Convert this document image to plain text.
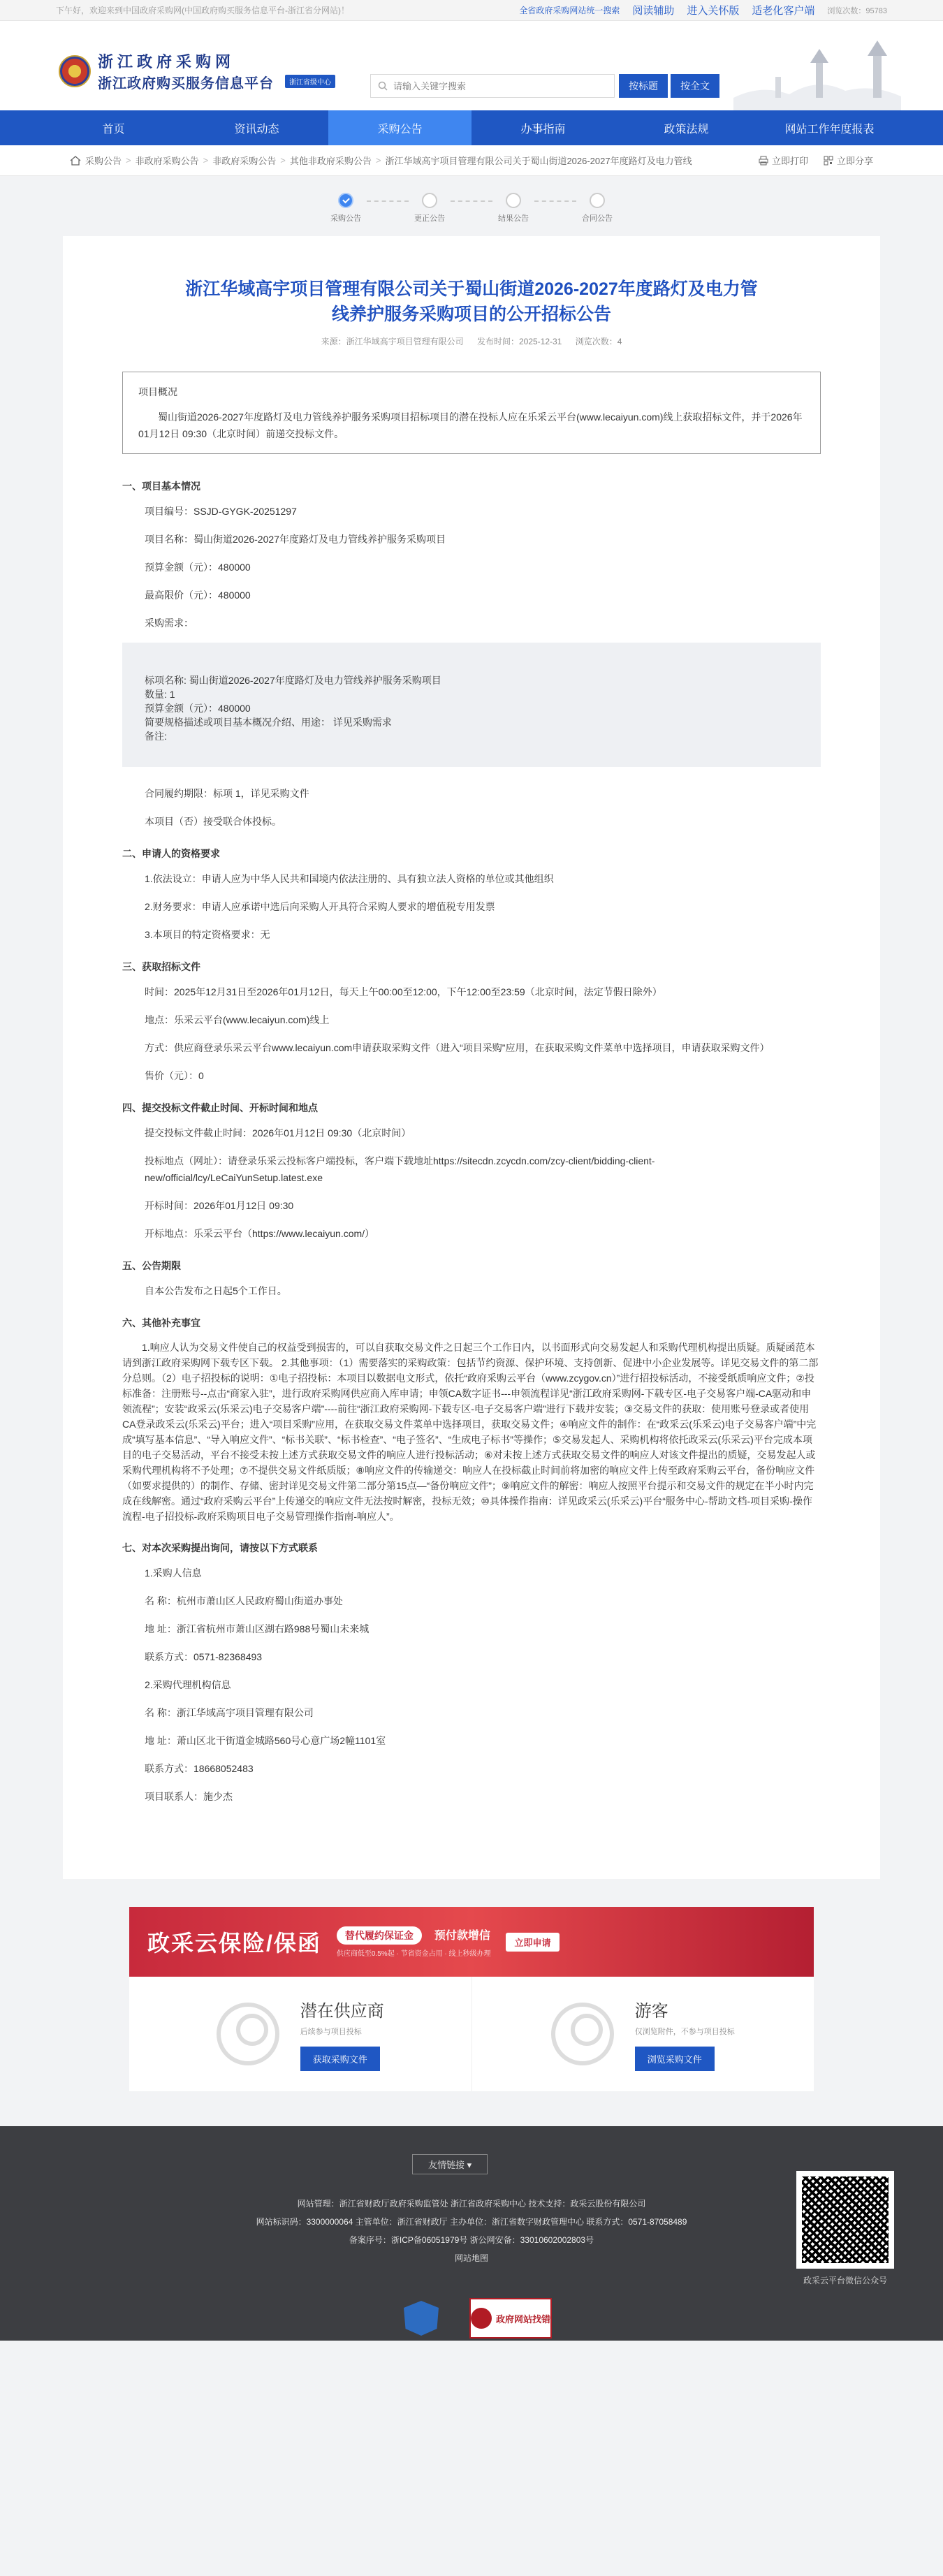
下午好，欢迎来到中国政府采购网(中国政府购买服务信息平台-浙江省分网站)！	全省政府采购网站统一搜索 阅读辅助 进入关怀版 适老化客户端 浏览次数：95783
浙江政府采购网
浙江政府购买服务信息平台	浙江省级中心
请输入关键字搜索	按标题	按全文
首页	资讯动态	采购公告	办事指南	政策法规	网站工作年度报表
采购公告 > 非政府采购公告 > 非政府采购公告 > 其他非政府采购公告 > 浙江华域高宇项目管理有限公司关于蜀山街道2026-2027年度路灯及电力管线	立即打印	立即分享
采购公告	更正公告	结果公告	合同公告
浙江华域高宇项目管理有限公司关于蜀山街道2026-2027年度路灯及电力管线养护服务采购项目的公开招标公告
来源：浙江华域高宇项目管理有限公司 发布时间：2025-12-31 浏览次数：4
项目概况
蜀山街道2026-2027年度路灯及电力管线养护服务采购项目招标项目的潜在投标人应在乐采云平台(www.lecaiyun.com)线上获取招标文件，并于2026年01月12日 09:30（北京时间）前递交投标文件。
一、项目基本情况
项目编号：SSJD-GYGK-20251297
项目名称：蜀山街道2026-2027年度路灯及电力管线养护服务采购项目
预算金额（元）：480000
最高限价（元）：480000
采购需求：
标项名称: 蜀山街道2026-2027年度路灯及电力管线养护服务采购项目
数量: 1
预算金额（元）：480000
简要规格描述或项目基本概况介绍、用途： 详见采购需求
备注:
合同履约期限：标项 1，详见采购文件
本项目（否）接受联合体投标。
二、申请人的资格要求
1.依法设立：申请人应为中华人民共和国境内依法注册的、具有独立法人资格的单位或其他组织
2.财务要求：申请人应承诺中选后向采购人开具符合采购人要求的增值税专用发票
3.本项目的特定资格要求：无
三、获取招标文件
时间：2025年12月31日至2026年01月12日，每天上午00:00至12:00，下午12:00至23:59（北京时间，法定节假日除外）
地点：乐采云平台(www.lecaiyun.com)线上
方式：供应商登录乐采云平台www.lecaiyun.com申请获取采购文件（进入“项目采购”应用，在获取采购文件菜单中选择项目，申请获取采购文件）
售价（元）：0
四、提交投标文件截止时间、开标时间和地点
提交投标文件截止时间：2026年01月12日 09:30（北京时间）
投标地点（网址）：请登录乐采云投标客户端投标，客户端下载地址https://sitecdn.zcycdn.com/zcy-client/bidding-client-new/official/lcy/LeCaiYunSetup.latest.exe
开标时间：2026年01月12日 09:30
开标地点：乐采云平台（https://www.lecaiyun.com/）
五、公告期限
自本公告发布之日起5个工作日。
六、其他补充事宜
1.响应人认为交易文件使自己的权益受到损害的，可以自获取交易文件之日起三个工作日内，以书面形式向交易发起人和采购代理机构提出质疑。质疑函范本请到浙江政府采购网下载专区下载。 2.其他事项：（1）需要落实的采购政策：包括节约资源、保护环境、支持创新、促进中小企业发展等。详见交易文件的第二部分总则。（2）电子招投标的说明：①电子招投标：本项目以数据电文形式，依托“政府采购云平台（www.zcygov.cn）”进行招投标活动，不接受纸质响应文件；②投标准备：注册账号--点击“商家入驻”，进行政府采购网供应商入库申请；申领CA数字证书---申领流程详见“浙江政府采购网-下载专区-电子交易客户端-CA驱动和申领流程”；安装“政采云(乐采云)电子交易客户端”----前往“浙江政府采购网-下载专区-电子交易客户端”进行下载并安装；③交易文件的获取：使用账号登录或者使用CA登录政采云(乐采云)平台；进入“项目采购”应用，在获取交易文件菜单中选择项目，获取交易文件；④响应文件的制作：在“政采云(乐采云)电子交易客户端”中完成“填写基本信息”、“导入响应文件”、“标书关联”、“标书检查”、“电子签名”、“生成电子标书”等操作；⑤交易发起人、采购机构将依托政采云(乐采云)平台完成本项目的电子交易活动，平台不接受未按上述方式获取交易文件的响应人进行投标活动；⑥对未按上述方式获取交易文件的响应人对该文件提出的质疑，交易发起人或采购代理机构将不予处理；⑦不提供交易文件纸质版；⑧响应文件的传输递交：响应人在投标截止时间前将加密的响应文件上传至政府采购云平台，备份响应文件（如要求提供的）的制作、存储、密封详见交易文件第二部分第15点—“备份响应文件”；⑨响应文件的解密：响应人按照平台提示和交易文件的规定在半小时内完成在线解密。通过“政府采购云平台”上传递交的响应文件无法按时解密，投标无效；⑩具体操作指南：详见政采云(乐采云)平台“服务中心-帮助文档-项目采购-操作流程-电子招投标-政府采购项目电子交易管理操作指南-响应人”。
七、对本次采购提出询问，请按以下方式联系
1.采购人信息
名 称：杭州市萧山区人民政府蜀山街道办事处
地 址：浙江省杭州市萧山区湖右路988号蜀山未来城
联系方式：0571-82368493
2.采购代理机构信息
名 称：浙江华域高宇项目管理有限公司
地 址：萧山区北干街道金城路560号心意广场2幢1101室
联系方式：18668052483
项目联系人：施少杰
政采云保险/保函	替代履约保证金	预付款增信
供应商低至0.5%起 · 节省资金占用 · 线上秒级办理
立即申请
潜在供应商
后续参与项目投标
获取采购文件
游客
仅浏览附件，不参与项目投标
浏览采购文件
友情链接 ▾
网站管理：浙江省财政厅政府采购监管处 浙江省政府采购中心 技术支持：政采云股份有限公司
网站标识码：3300000064 主管单位：浙江省财政厅 主办单位：浙江省数字财政管理中心 联系方式：0571-87058489
备案序号：浙ICP备06051979号 浙公网安备：33010602002803号
网站地图
政采云平台微信公众号
政府网站找错
